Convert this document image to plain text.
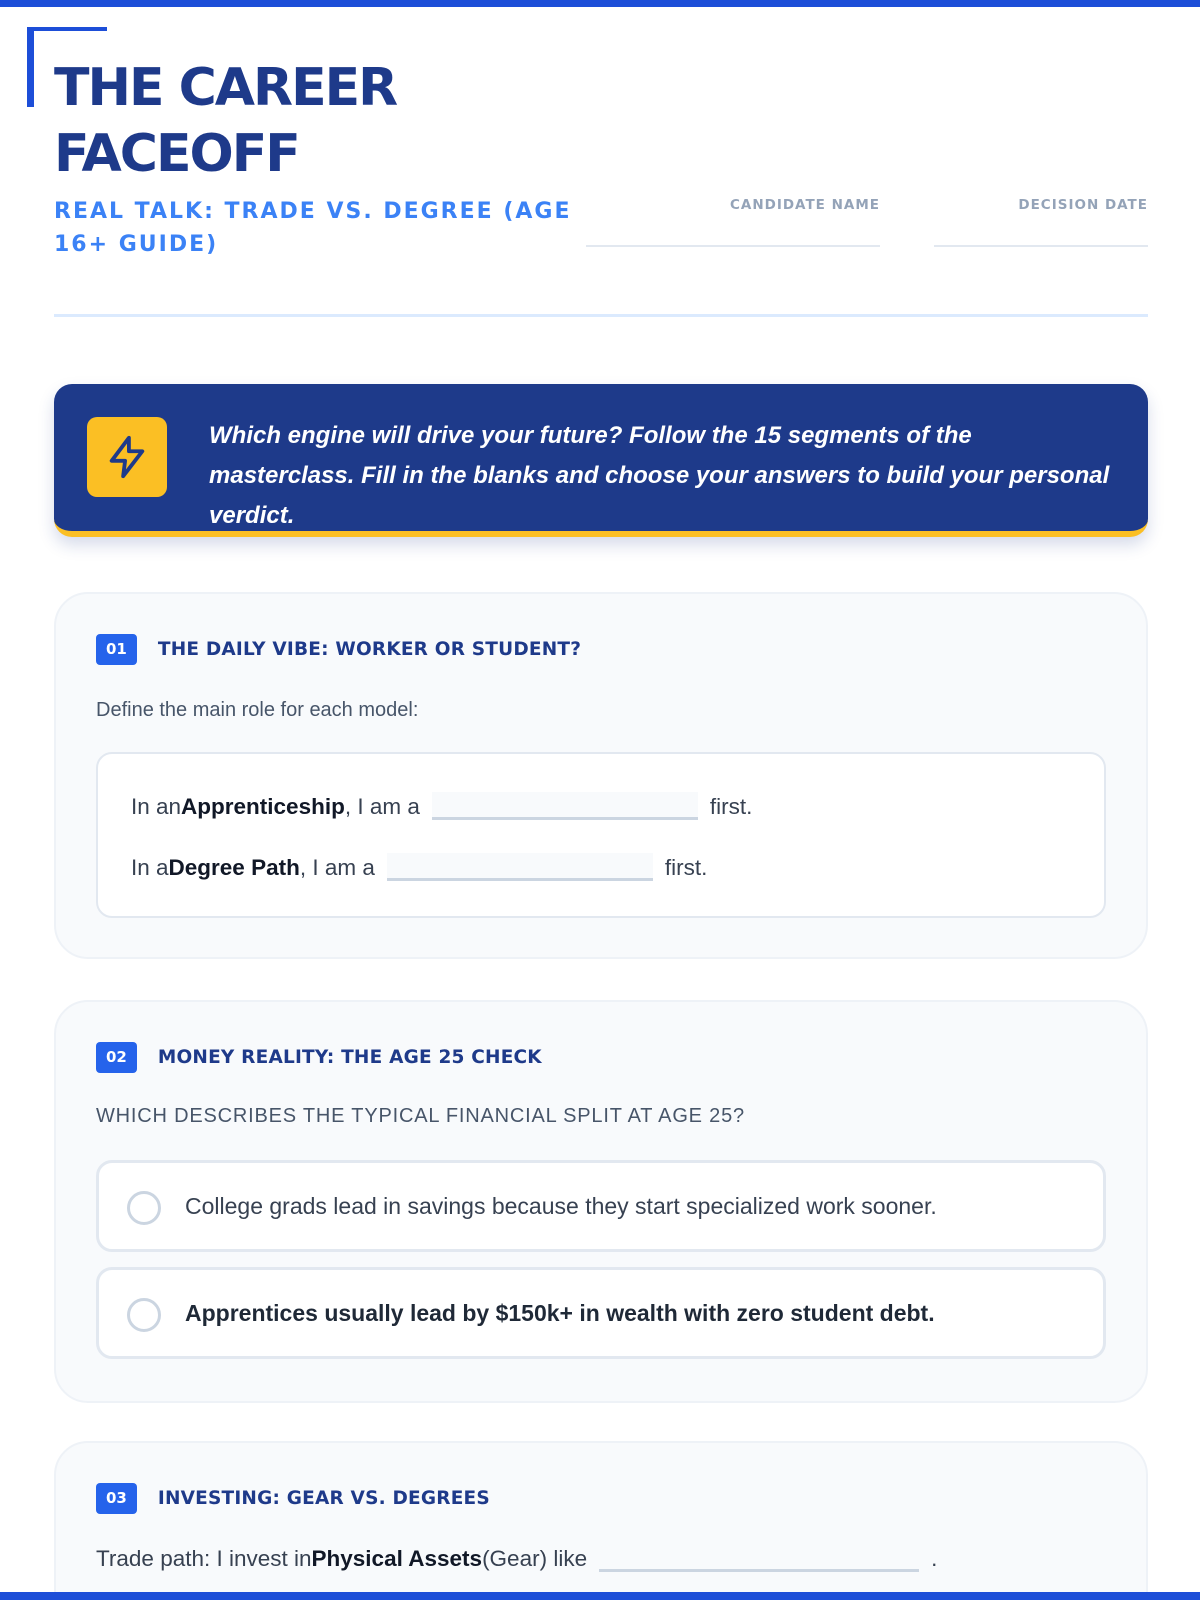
THE CAREER FACEOFF
REAL TALK: TRADE VS. DEGREE (AGE 16+ GUIDE)
CANDIDATE NAME	DECISION DATE

Which engine will drive your future? Follow the 15 segments of the masterclass. Fill in the blanks and choose your answers to build your personal verdict.

01	THE DAILY VIBE: WORKER OR STUDENT?
Define the main role for each model:
In an Apprenticeship , I am a	first.
In a Degree Path , I am a	first.
02	MONEY REALITY: THE AGE 25 CHECK
WHICH DESCRIBES THE TYPICAL FINANCIAL SPLIT AT AGE 25?
College grads lead in savings because they start specialized work sooner.
Apprentices usually lead by $150k+ in wealth with zero student debt.
03	INVESTING: GEAR VS. DEGREES
Trade path: I invest in Physical Assets (Gear) like	.
